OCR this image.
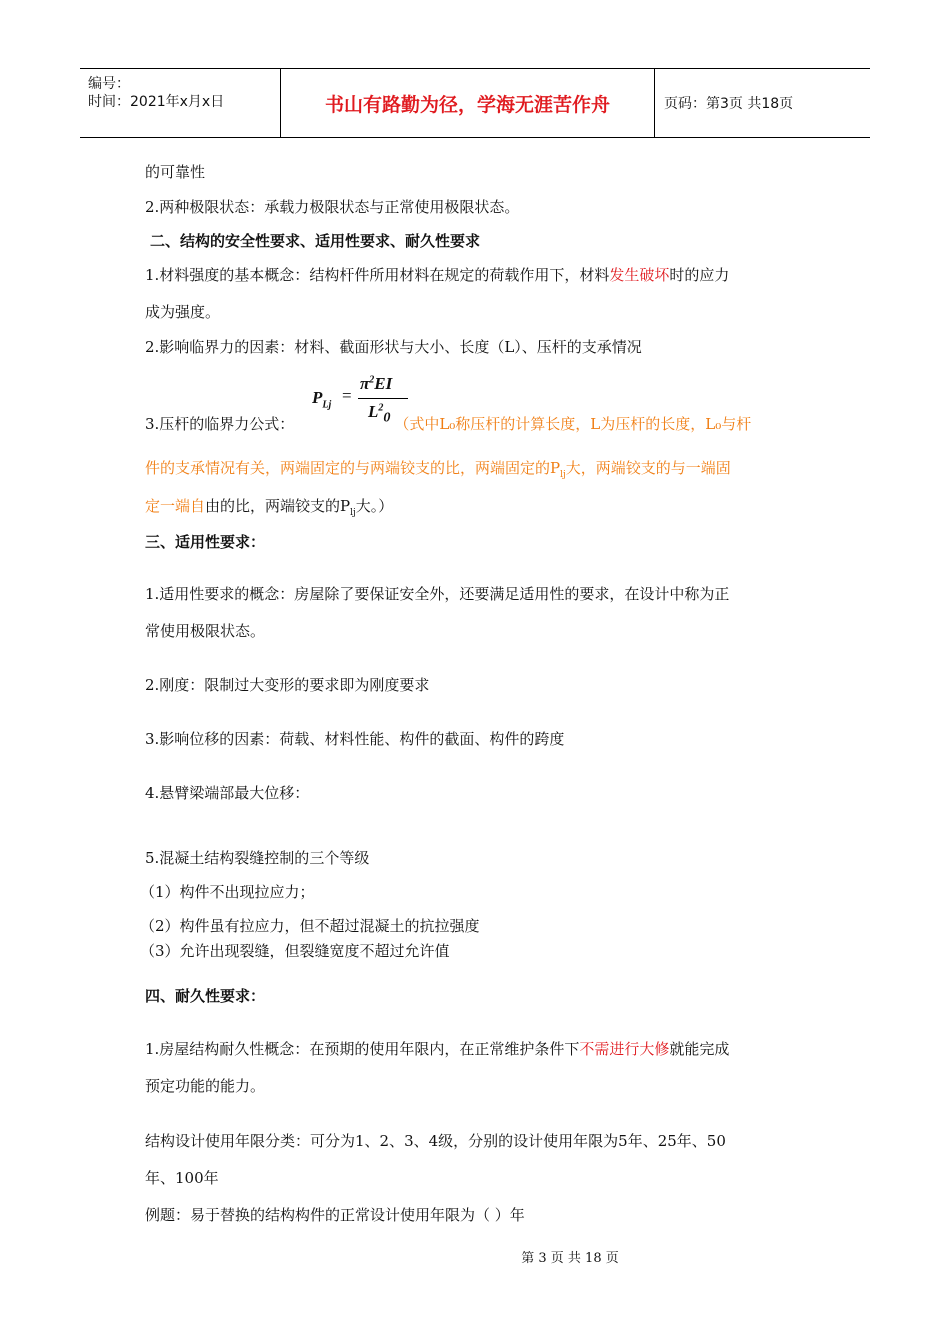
编号：
时间：2021年x月x日	书山有路勤为径，学海无涯苦作舟	页码：第3页 共18页
的可靠性
2.两种极限状态：承载力极限状态与正常使用极限状态。
二、结构的安全性要求、适用性要求、耐久性要求
1.材料强度的基本概念：结构杆件所用材料在规定的荷载作用下，材料发生破坏时的应力
成为强度。
2.影响临界力的因素：材料、截面形状与大小、长度（L）、压杆的支承情况
$P_{Lj}$ =
$\pi^2EI$
$L^2_0$
3.压杆的临界力公式：	（式中L₀称压杆的计算长度，L为压杆的长度，L₀与杆
件的支承情况有关，两端固定的与两端铰支的比，两端固定的$P_{lj}$大，两端铰支的与一端固
定一端自由的比，两端铰支的$P_{lj}$大。）
三、适用性要求：
1.适用性要求的概念：房屋除了要保证安全外，还要满足适用性的要求，在设计中称为正
常使用极限状态。
2.刚度：限制过大变形的要求即为刚度要求
3.影响位移的因素：荷载、材料性能、构件的截面、构件的跨度
4.悬臂梁端部最大位移：
5.混凝土结构裂缝控制的三个等级
（1）构件不出现拉应力；
（2）构件虽有拉应力，但不超过混凝土的抗拉强度
（3）允许出现裂缝，但裂缝宽度不超过允许值
四、耐久性要求：
1.房屋结构耐久性概念：在预期的使用年限内，在正常维护条件下不需进行大修就能完成
预定功能的能力。
结构设计使用年限分类：可分为1、2、3、4级，分别的设计使用年限为5年、25年、50
年、100年
例题：易于替换的结构构件的正常设计使用年限为（ ）年
第 3 页 共 18 页
